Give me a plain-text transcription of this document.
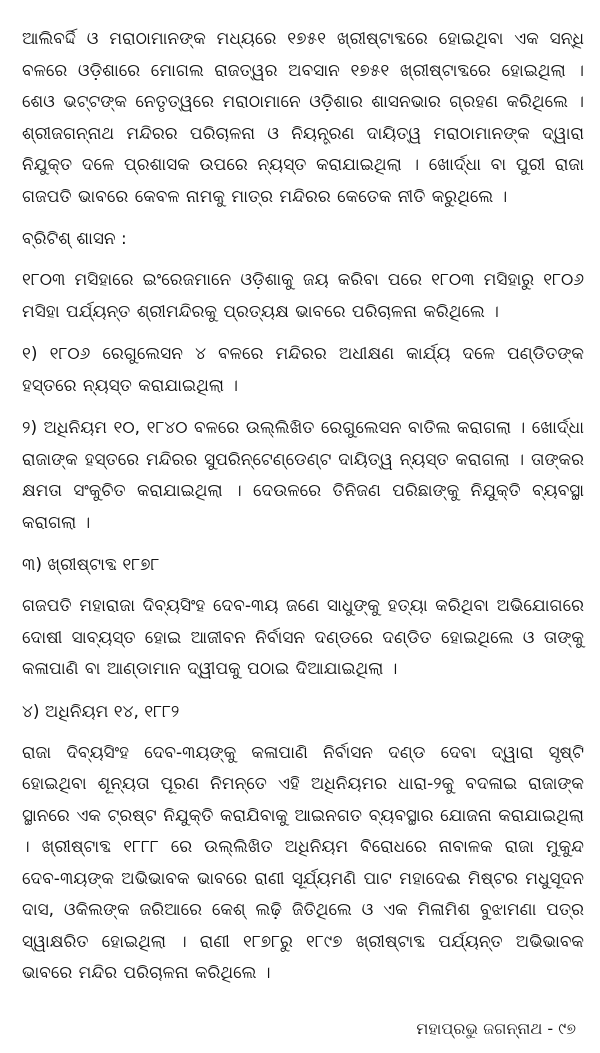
ଆଲିବର୍ଦ୍ଦି ଓ ମରାଠାମାନଙ୍କ ମଧ୍ୟରେ ୧୭୫୧ ଖ୍ରୀଷ୍ଟାବ୍ଦରେ ହୋଇଥିବା ଏକ ସନ୍ଧି ବଳରେ ଓଡ଼ିଶାରେ ମୋଗଲ ରାଜତ୍ୱର ଅବସାନ ୧୭୫୧ ଖ୍ରୀଷ୍ଟାବ୍ଦରେ ହୋଇଥିଲା । ଶେଓ ଭଟ୍ଟଙ୍କ ନେତୃତ୍ୱରେ ମରାଠାମାନେ ଓଡ଼ିଶାର ଶାସନଭାର ଗ୍ରହଣ କରିଥିଲେ । ଶ୍ରୀଜଗନ୍ନାଥ ମନ୍ଦିରର ପରିଚାଳନା ଓ ନିୟନ୍ତ୍ରଣ ଦାୟିତ୍ୱ ମରାଠାମାନଙ୍କ ଦ୍ୱାରା ନିଯୁକ୍ତ ଦଳେ ପ୍ରଶାସକ ଉପରେ ନ୍ୟସ୍ତ କରାଯାଇଥିଲା । ଖୋର୍ଦ୍ଧା ବା ପୁରୀ ରାଜା ଗଜପତି ଭାବରେ କେବଳ ନାମକୁ ମାତ୍ର ମନ୍ଦିରର କେତେକ ନୀତି କରୁଥିଲେ ।

ବ୍ରିଟିଶ୍ ଶାସନ :

୧୮୦୩ ମସିହାରେ ଇଂରେଜମାନେ ଓଡ଼ିଶାକୁ ଜୟ କରିବା ପରେ ୧୮୦୩ ମସିହାରୁ ୧୮୦୬ ମସିହା ପର୍ଯ୍ୟନ୍ତ ଶ୍ରୀମନ୍ଦିରକୁ ପ୍ରତ୍ୟକ୍ଷ ଭାବରେ ପରିଚାଳନା କରିଥିଲେ ।

୧) ୧୮୦୬ ରେଗୁଲେସନ ୪ ବଳରେ ମନ୍ଦିରର ଅଧୀକ୍ଷଣ କାର୍ଯ୍ୟ ଦଳେ ପଣ୍ଡିତଙ୍କ ହସ୍ତରେ ନ୍ୟସ୍ତ କରାଯାଇଥିଲା ।

୨) ଅଧିନିୟମ ୧୦, ୧୮୪୦ ବଳରେ ଉଲ୍ଲିଖିତ ରେଗୁଲେସନ ବାତିଲ କରାଗଲା । ଖୋର୍ଦ୍ଧା ରାଜାଙ୍କ ହସ୍ତରେ ମନ୍ଦିରର ସୁପରିନ୍‌ଟେଣ୍ଡେଣ୍ଟ ଦାୟିତ୍ୱ ନ୍ୟସ୍ତ କରାଗଲା । ତାଙ୍କର କ୍ଷମତା ସଂକୁଚିତ କରାଯାଇଥିଲା । ଦେଉଳରେ ତିନିଜଣ ପରିଛାଙ୍କୁ ନିଯୁକ୍ତି ବ୍ୟବସ୍ଥା କରାଗଲା ।

୩) ଖ୍ରୀଷ୍ଟାବ୍ଦ ୧୮୭୮

ଗଜପତି ମହାରାଜା ଦିବ୍ୟସିଂହ ଦେବ-୩ୟ ଜଣେ ସାଧୁଙ୍କୁ ହତ୍ୟା କରିଥିବା ଅଭିଯୋଗରେ ଦୋଷୀ ସାବ୍ୟସ୍ତ ହୋଇ ଆଜୀବନ ନିର୍ବାସନ ଦଣ୍ଡରେ ଦଣ୍ଡିତ ହୋଇଥିଲେ ଓ ତାଙ୍କୁ କଳାପାଣି ବା ଆଣ୍ଡାମାନ ଦ୍ୱୀପକୁ ପଠାଇ ଦିଆଯାଇଥିଲା ।

୪) ଅଧିନିୟମ ୧୪, ୧୮୮୨

ରାଜା ଦିବ୍ୟସିଂହ ଦେବ-୩ୟଙ୍କୁ କଳାପାଣି ନିର୍ବାସନ ଦଣ୍ଡ ଦେବା ଦ୍ୱାରା ସୃଷ୍ଟି ହୋଇଥିବା ଶୂନ୍ୟତା ପୂରଣ ନିମନ୍ତେ ଏହି ଅଧିନିୟମର ଧାରା-୨କୁ ବଦଳାଇ ରାଜାଙ୍କ ସ୍ଥାନରେ ଏକ ଟ୍ରଷ୍ଟ ନିଯୁକ୍ତି କରାଯିବାକୁ ଆଇନଗତ ବ୍ୟବସ୍ଥାର ଯୋଜନା କରାଯାଇଥିଲା । ଖ୍ରୀଷ୍ଟାବ୍ଦ ୧୮୮୮ ରେ ଉଲ୍ଲିଖିତ ଅଧିନିୟମ ବିରୋଧରେ ନାବାଳକ ରାଜା ମୁକୁନ୍ଦ ଦେବ-୩ୟଙ୍କ ଅଭିଭାବକ ଭାବରେ ରାଣୀ ସୂର୍ଯ୍ୟମଣି ପାଟ ମହାଦେଈ ମିଷ୍ଟର ମଧୁସୂଦନ ଦାସ, ଓକିଲଙ୍କ ଜରିଆରେ କେଶ୍ ଲଢ଼ି ଜିତିଥିଲେ ଓ ଏକ ମିଳାମିଶ ବୁଝାମଣା ପତ୍ର ସ୍ୱାକ୍ଷରିତ ହୋଇଥିଲା । ରାଣୀ ୧୮୭୮ରୁ ୧୮୯୭ ଖ୍ରୀଷ୍ଟାବ୍ଦ ପର୍ଯ୍ୟନ୍ତ ଅଭିଭାବକ ଭାବରେ ମନ୍ଦିର ପରିଚାଳନା କରିଥିଲେ ।

ମହାପ୍ରଭୁ ଜଗନ୍ନାଥ - ୯୭
